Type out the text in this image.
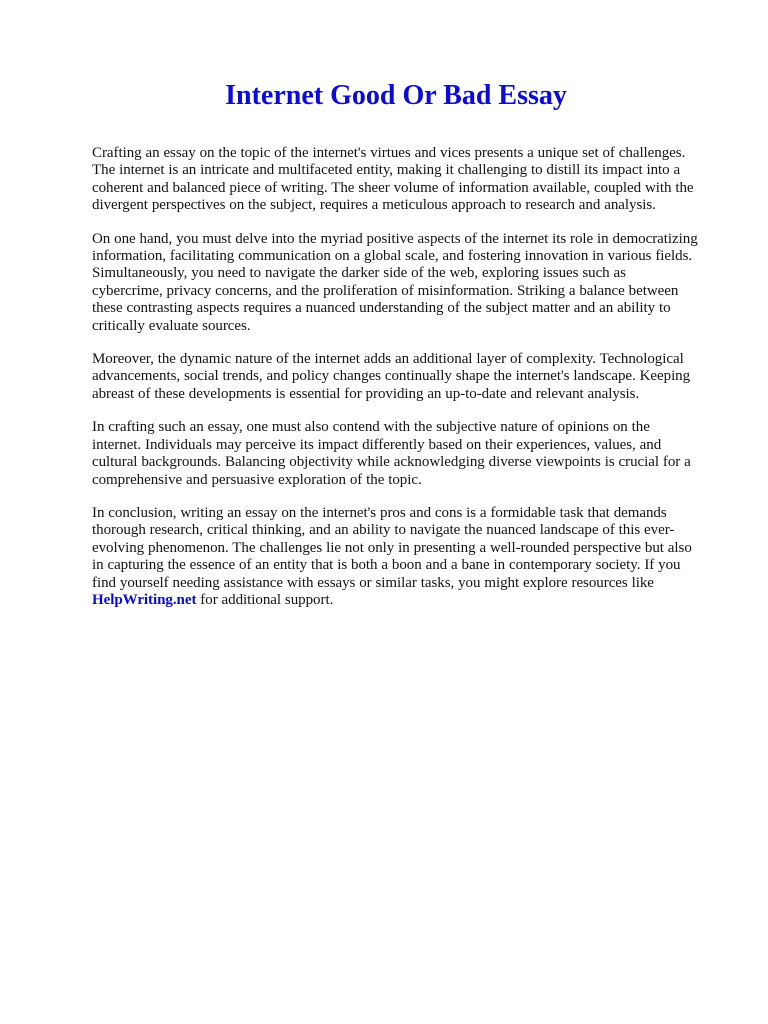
Internet Good Or Bad Essay

Crafting an essay on the topic of the internet's virtues and vices presents a unique set of challenges. The internet is an intricate and multifaceted entity, making it challenging to distill its impact into a coherent and balanced piece of writing. The sheer volume of information available, coupled with the divergent perspectives on the subject, requires a meticulous approach to research and analysis.

On one hand, you must delve into the myriad positive aspects of the internet its role in democratizing information, facilitating communication on a global scale, and fostering innovation in various fields. Simultaneously, you need to navigate the darker side of the web, exploring issues such as cybercrime, privacy concerns, and the proliferation of misinformation. Striking a balance between these contrasting aspects requires a nuanced understanding of the subject matter and an ability to critically evaluate sources.

Moreover, the dynamic nature of the internet adds an additional layer of complexity. Technological advancements, social trends, and policy changes continually shape the internet's landscape. Keeping abreast of these developments is essential for providing an up-to-date and relevant analysis.

In crafting such an essay, one must also contend with the subjective nature of opinions on the internet. Individuals may perceive its impact differently based on their experiences, values, and cultural backgrounds. Balancing objectivity while acknowledging diverse viewpoints is crucial for a comprehensive and persuasive exploration of the topic.

In conclusion, writing an essay on the internet's pros and cons is a formidable task that demands thorough research, critical thinking, and an ability to navigate the nuanced landscape of this ever-evolving phenomenon. The challenges lie not only in presenting a well-rounded perspective but also in capturing the essence of an entity that is both a boon and a bane in contemporary society. If you find yourself needing assistance with essays or similar tasks, you might explore resources like HelpWriting.net for additional support.
